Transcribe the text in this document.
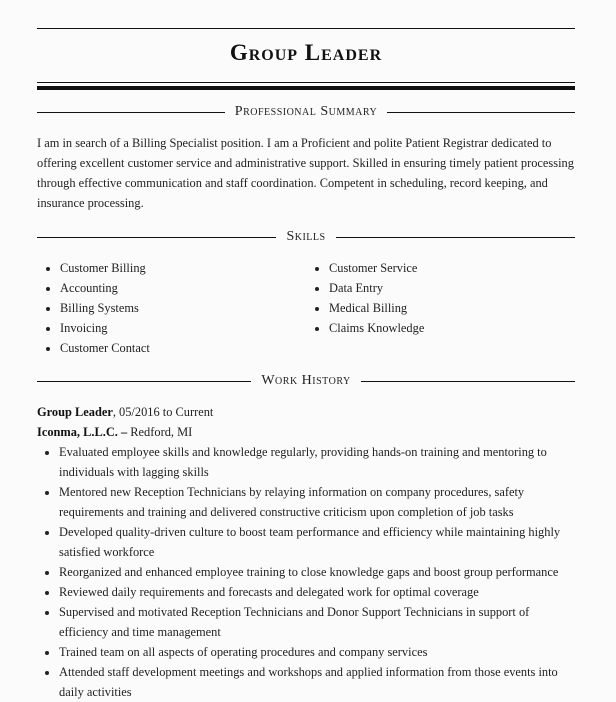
Group Leader
Professional Summary
I am in search of a Billing Specialist position. I am a Proficient and polite Patient Registrar dedicated to offering excellent customer service and administrative support. Skilled in ensuring timely patient processing through effective communication and staff coordination. Competent in scheduling, record keeping, and insurance processing.
Skills
• Customer Billing
• Accounting
• Billing Systems
• Invoicing
• Customer Contact
• Customer Service
• Data Entry
• Medical Billing
• Claims Knowledge
Work History
Group Leader, 05/2016 to Current
Iconma, L.L.C. – Redford, MI
• Evaluated employee skills and knowledge regularly, providing hands-on training and mentoring to individuals with lagging skills
• Mentored new Reception Technicians by relaying information on company procedures, safety requirements and training and delivered constructive criticism upon completion of job tasks
• Developed quality-driven culture to boost team performance and efficiency while maintaining highly satisfied workforce
• Reorganized and enhanced employee training to close knowledge gaps and boost group performance
• Reviewed daily requirements and forecasts and delegated work for optimal coverage
• Supervised and motivated Reception Technicians and Donor Support Technicians in support of efficiency and time management
• Trained team on all aspects of operating procedures and company services
• Attended staff development meetings and workshops and applied information from those events into daily activities
